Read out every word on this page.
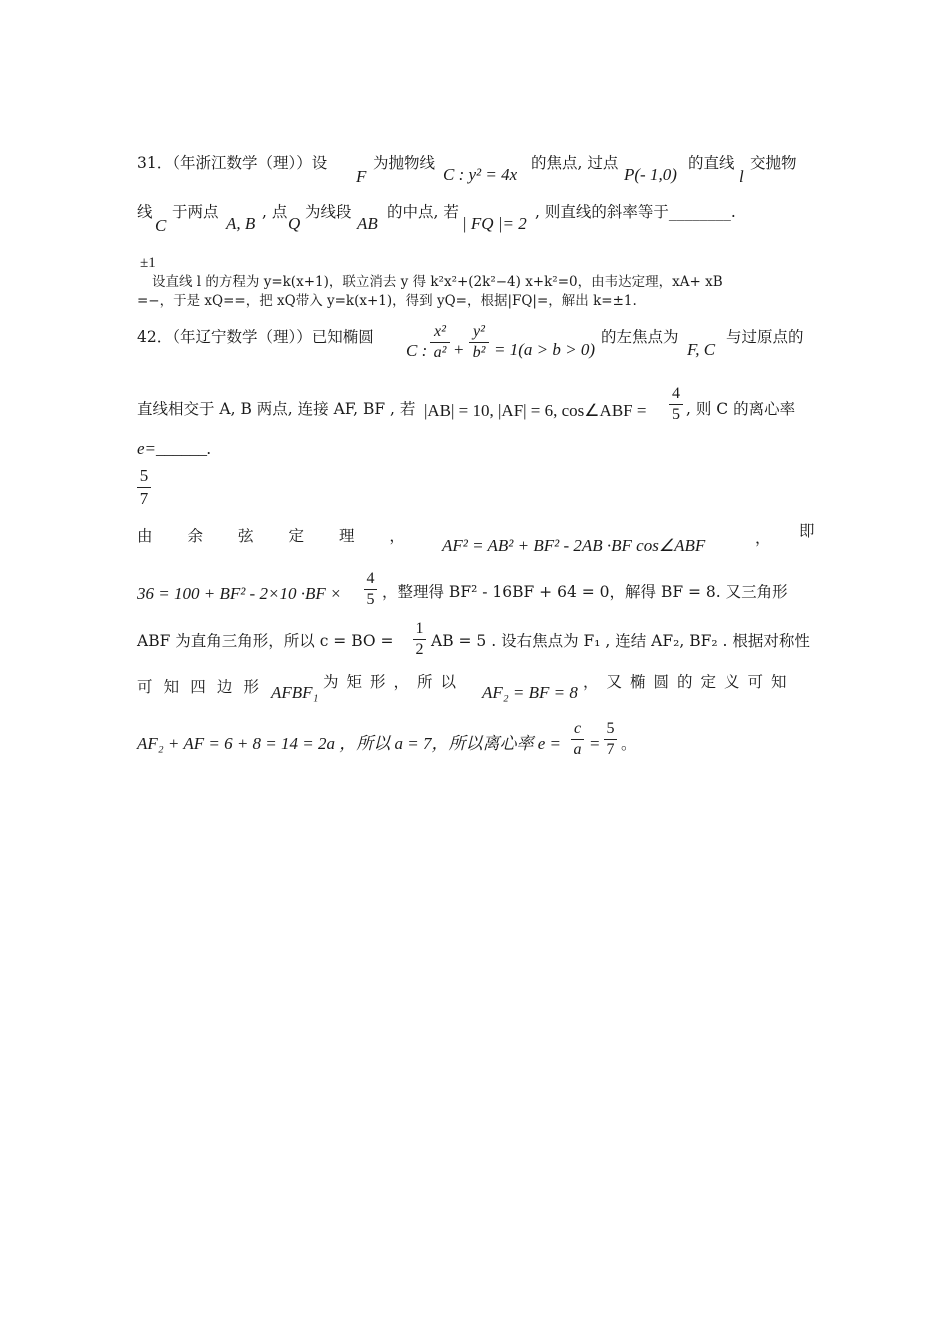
31．（年浙江数学（理））设
F
为抛物线
C : y² = 4x
的焦点, 过点
P(- 1,0)
的直线
l
交抛物
线
C
于两点
A, B
, 点
Q
为线段
AB
的中点, 若
| FQ |= 2
, 则直线的斜率等于________.
±1
设直线 l 的方程为 y=k(x+1)，联立消去 y 得 k²x²+(2k²−4) x+k²=0，由韦达定理，xA+ xB
=−，于是 xQ==，把 xQ带入 y=k(x+1)，得到 yQ=，根据|FQ|=，解出 k=±1.
42．（年辽宁数学（理））已知椭圆
C :
x²
a² +
y²
b² = 1(a > b > 0)
的左焦点为
F, C
与过原点的
直线相交于 A, B 两点, 连接 AF, BF , 若 |AB| = 10, |AF| = 6, cos∠ABF =
4
5 , 则 C 的离心率
e=______.
5
7
由 余 弦 定 理 ， AF² = AB² + BF² - 2AB ·BF cos∠ABF	， 即
36 = 100 + BF² - 2×10 ·BF ×
4
5 ，整理得 BF² - 16BF + 64 = 0，解得 BF = 8. 又三角形
ABF 为直角三角形，所以 c = BO =
1
2 AB = 5 . 设右焦点为 F₁ , 连结 AF₂, BF₂ . 根据对称性
可 知 四 边 形 AFBF₁
为矩形，所以
AF₂ = BF = 8
，又椭圆的定义可知
AF₂ + AF = 6 + 8 = 14 = 2a ，所以 a = 7，所以离心率 e =
c
a =
5
7 。
